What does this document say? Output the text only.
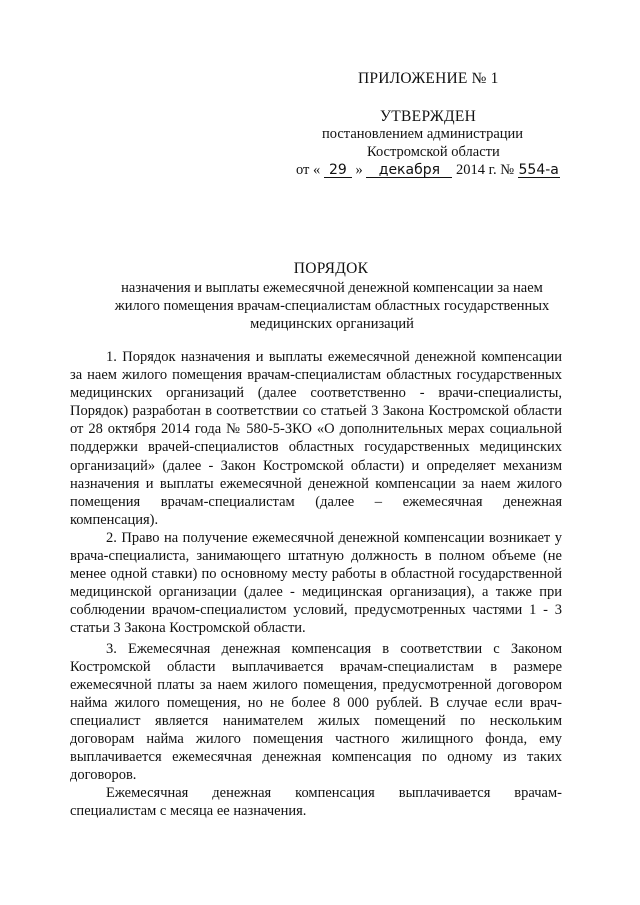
ПРИЛОЖЕНИЕ № 1
УТВЕРЖДЕН
постановлением администрации
Костромской области
от « 29 » декабря 2014 г. № 554-а
ПОРЯДОК
назначения и выплаты ежемесячной денежной компенсации за наем
жилого помещения врачам-специалистам областных государственных
медицинских организаций

1. Порядок назначения и выплаты ежемесячной денежной компенсации за наем жилого помещения врачам-специалистам областных государственных медицинских организаций (далее соответственно - врачи-специалисты, Порядок) разработан в соответствии со статьей 3 Закона Костромской области от 28 октября 2014 года № 580-5-ЗКО «О дополнительных мерах социальной поддержки врачей-специалистов областных государственных медицинских организаций» (далее - Закон Костромской области) и определяет механизм назначения и выплаты ежемесячной денежной компенсации за наем жилого помещения врачам-специалистам (далее – ежемесячная денежная компенсация).

2. Право на получение ежемесячной денежной компенсации возникает у врача-специалиста, занимающего штатную должность в полном объеме (не менее одной ставки) по основному месту работы в областной государственной медицинской организации (далее - медицинская организация), а также при соблюдении врачом-специалистом условий, предусмотренных частями 1 - 3 статьи 3 Закона Костромской области.

3. Ежемесячная денежная компенсация в соответствии с Законом Костромской области выплачивается врачам-специалистам в размере ежемесячной платы за наем жилого помещения, предусмотренной договором найма жилого помещения, но не более 8 000 рублей. В случае если врач-специалист является нанимателем жилых помещений по нескольким договорам найма жилого помещения частного жилищного фонда, ему выплачивается ежемесячная денежная компенсация по одному из таких договоров.

Ежемесячная денежная компенсация выплачивается врачам-специалистам с месяца ее назначения.
